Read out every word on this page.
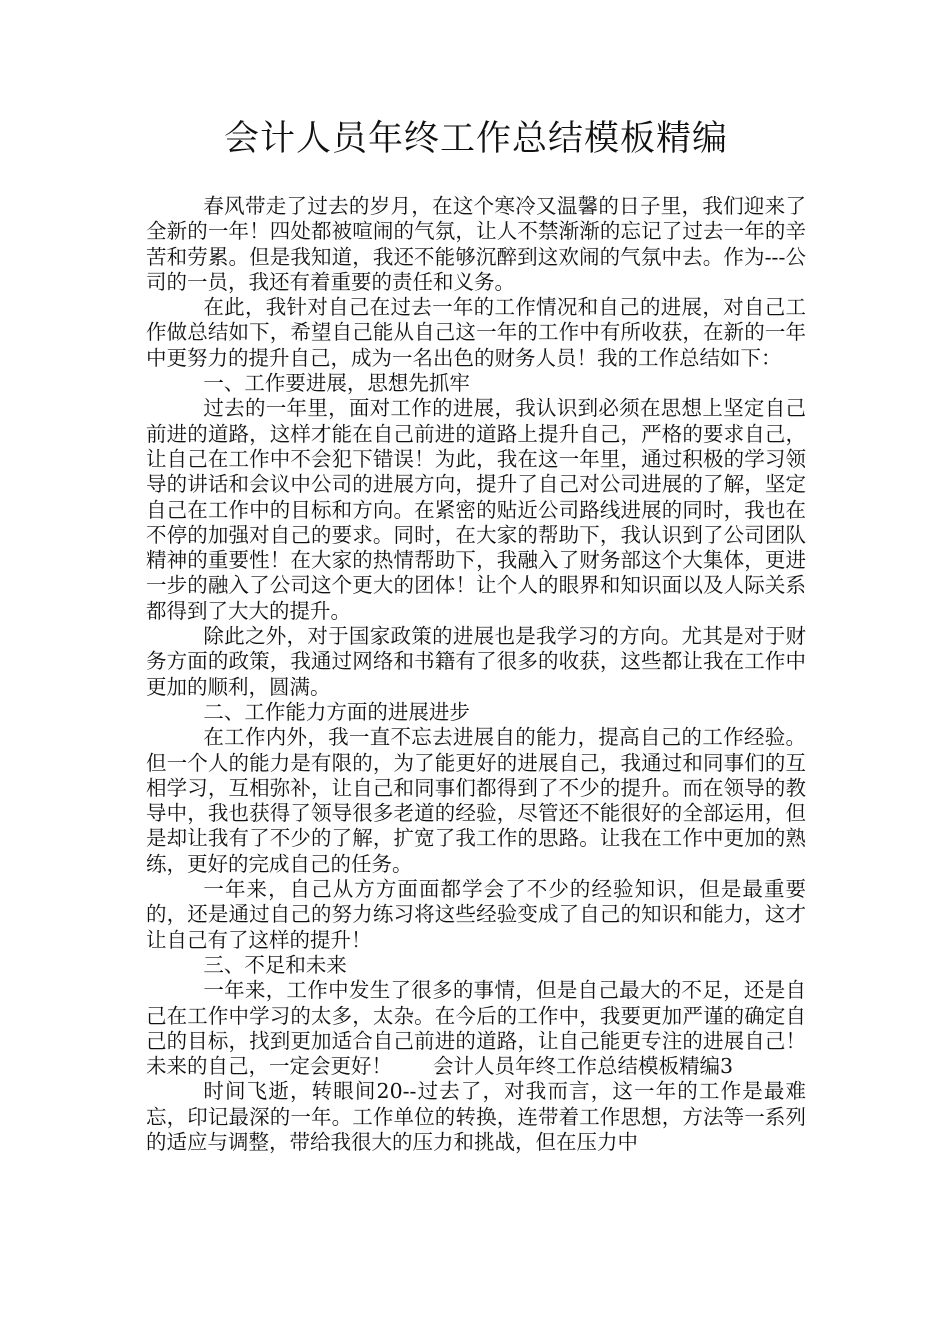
会计人员年终工作总结模板精编

春风带走了过去的岁月，在这个寒冷又温馨的日子里，我们迎来了全新的一年！四处都被喧闹的气氛，让人不禁渐渐的忘记了过去一年的辛苦和劳累。但是我知道，我还不能够沉醉到这欢闹的气氛中去。作为---公司的一员，我还有着重要的责任和义务。

在此，我针对自己在过去一年的工作情况和自己的进展，对自己工作做总结如下，希望自己能从自己这一年的工作中有所收获，在新的一年中更努力的提升自己，成为一名出色的财务人员！我的工作总结如下：

一、工作要进展，思想先抓牢

过去的一年里，面对工作的进展，我认识到必须在思想上坚定自己前进的道路，这样才能在自己前进的道路上提升自己，严格的要求自己，让自己在工作中不会犯下错误！为此，我在这一年里，通过积极的学习领导的讲话和会议中公司的进展方向，提升了自己对公司进展的了解，坚定自己在工作中的目标和方向。在紧密的贴近公司路线进展的同时，我也在不停的加强对自己的要求。同时，在大家的帮助下，我认识到了公司团队精神的重要性！在大家的热情帮助下，我融入了财务部这个大集体，更进一步的融入了公司这个更大的团体！让个人的眼界和知识面以及人际关系都得到了大大的提升。

除此之外，对于国家政策的进展也是我学习的方向。尤其是对于财务方面的政策，我通过网络和书籍有了很多的收获，这些都让我在工作中更加的顺利，圆满。

二、工作能力方面的进展进步

在工作内外，我一直不忘去进展自的能力，提高自己的工作经验。但一个人的能力是有限的，为了能更好的进展自己，我通过和同事们的互相学习，互相弥补，让自己和同事们都得到了不少的提升。而在领导的教导中，我也获得了领导很多老道的经验，尽管还不能很好的全部运用，但是却让我有了不少的了解，扩宽了我工作的思路。让我在工作中更加的熟练，更好的完成自己的任务。

一年来，自己从方方面面都学会了不少的经验知识，但是最重要的，还是通过自己的努力练习将这些经验变成了自己的知识和能力，这才让自己有了这样的提升！

三、不足和未来

一年来，工作中发生了很多的事情，但是自己最大的不足，还是自己在工作中学习的太多，太杂。在今后的工作中，我要更加严谨的确定自己的目标，找到更加适合自己前进的道路，让自己能更专注的进展自己！未来的自己，一定会更好！　　会计人员年终工作总结模板精编3

时间飞逝，转眼间20--过去了，对我而言，这一年的工作是最难忘，印记最深的一年。工作单位的转换，连带着工作思想，方法等一系列的适应与调整，带给我很大的压力和挑战，但在压力中
